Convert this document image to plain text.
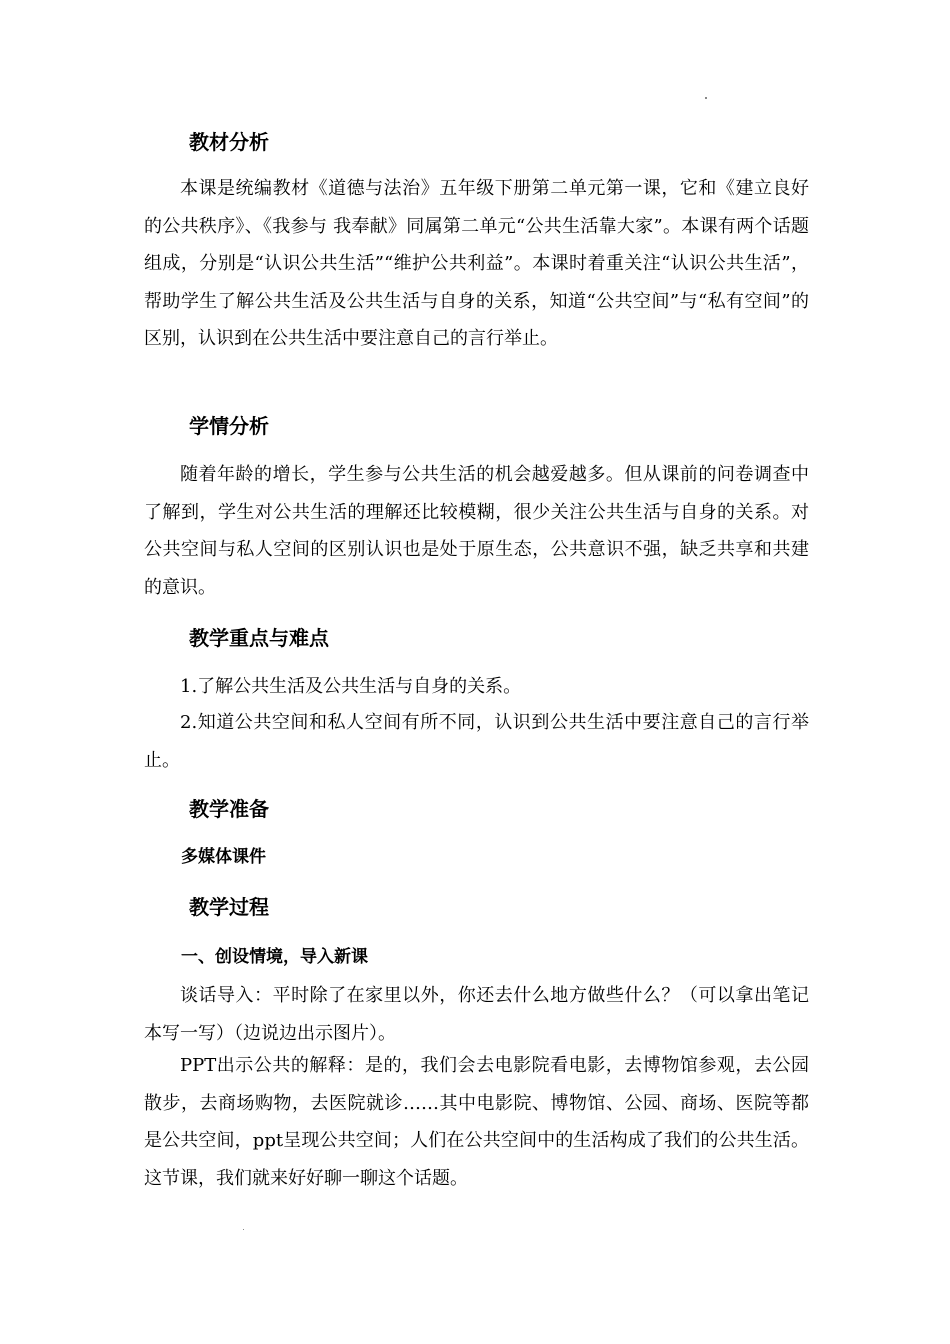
教材分析

本课是统编教材《道德与法治》五年级下册第二单元第一课，它和《建立良好的公共秩序》、《我参与 我奉献》同属第二单元“公共生活靠大家”。本课有两个话题组成，分别是“认识公共生活”“维护公共利益”。本课时着重关注“认识公共生活”，帮助学生了解公共生活及公共生活与自身的关系，知道“公共空间”与“私有空间”的区别，认识到在公共生活中要注意自己的言行举止。

学情分析

随着年龄的增长，学生参与公共生活的机会越爱越多。但从课前的问卷调查中了解到，学生对公共生活的理解还比较模糊，很少关注公共生活与自身的关系。对公共空间与私人空间的区别认识也是处于原生态，公共意识不强，缺乏共享和共建的意识。

教学重点与难点
1.了解公共生活及公共生活与自身的关系。

2.知道公共空间和私人空间有所不同，认识到公共生活中要注意自己的言行举止。

教学准备
多媒体课件
教学过程
一、创设情境，导入新课

谈话导入：平时除了在家里以外，你还去什么地方做些什么？（可以拿出笔记本写一写）（边说边出示图片）。

PPT出示公共的解释：是的，我们会去电影院看电影，去博物馆参观，去公园散步，去商场购物，去医院就诊……其中电影院、博物馆、公园、商场、医院等都是公共空间，ppt呈现公共空间；人们在公共空间中的生活构成了我们的公共生活。这节课，我们就来好好聊一聊这个话题。
